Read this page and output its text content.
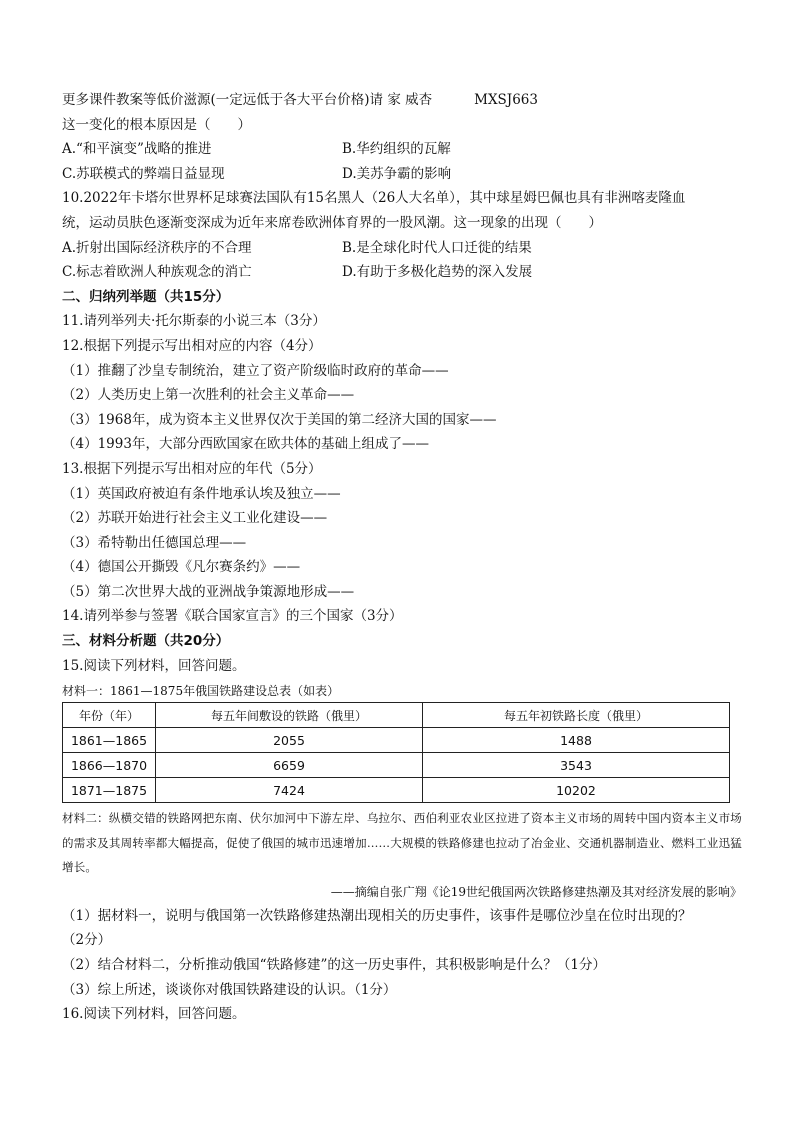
更多课件教案等低价滋源(一定远低于各大平台价格)请 家 威杏	MXSJ663
这一变化的根本原因是（　　）
A.“和平演变”战略的推进	B.华约组织的瓦解
C.苏联模式的弊端日益显现	D.美苏争霸的影响
10.2022年卡塔尔世界杯足球赛法国队有15名黑人（26人大名单），其中球星姆巴佩也具有非洲喀麦隆血
统，运动员肤色逐渐变深成为近年来席卷欧洲体育界的一股风潮。这一现象的出现（　　）
A.折射出国际经济秩序的不合理	B.是全球化时代人口迁徙的结果
C.标志着欧洲人种族观念的消亡	D.有助于多极化趋势的深入发展
二、归纳列举题（共15分）
11.请列举列夫·托尔斯泰的小说三本（3分）
12.根据下列提示写出相对应的内容（4分）
（1）推翻了沙皇专制统治，建立了资产阶级临时政府的革命——
（2）人类历史上第一次胜利的社会主义革命——
（3）1968年，成为资本主义世界仅次于美国的第二经济大国的国家——
（4）1993年，大部分西欧国家在欧共体的基础上组成了——
13.根据下列提示写出相对应的年代（5分）
（1）英国政府被迫有条件地承认埃及独立——
（2）苏联开始进行社会主义工业化建设——
（3）希特勒出任德国总理——
（4）德国公开撕毁《凡尔赛条约》——
（5）第二次世界大战的亚洲战争策源地形成——
14.请列举参与签署《联合国家宣言》的三个国家（3分）
三、材料分析题（共20分）
15.阅读下列材料，回答问题。
材料一：1861—1875年俄国铁路建设总表（如表）
年份（年）	每五年间敷设的铁路（俄里）	每五年初铁路长度（俄里）
1861—1865	2055	1488
1866—1870	6659	3543
1871—1875	7424	10202
材料二：纵横交错的铁路网把东南、伏尔加河中下游左岸、乌拉尔、西伯利亚农业区拉进了资本主义市场的周转中国内资本主义市场的需求及其周转率都大幅提高，促使了俄国的城市迅速增加……大规模的铁路修建也拉动了冶金业、交通机器制造业、燃料工业迅猛增长。
——摘编自张广翔《论19世纪俄国两次铁路修建热潮及其对经济发展的影响》
（1）据材料一，说明与俄国第一次铁路修建热潮出现相关的历史事件，该事件是哪位沙皇在位时出现的？
（2分）
（2）结合材料二，分析推动俄国“铁路修建”的这一历史事件，其积极影响是什么？（1分）
（3）综上所述，谈谈你对俄国铁路建设的认识。（1分）
16.阅读下列材料，回答问题。
